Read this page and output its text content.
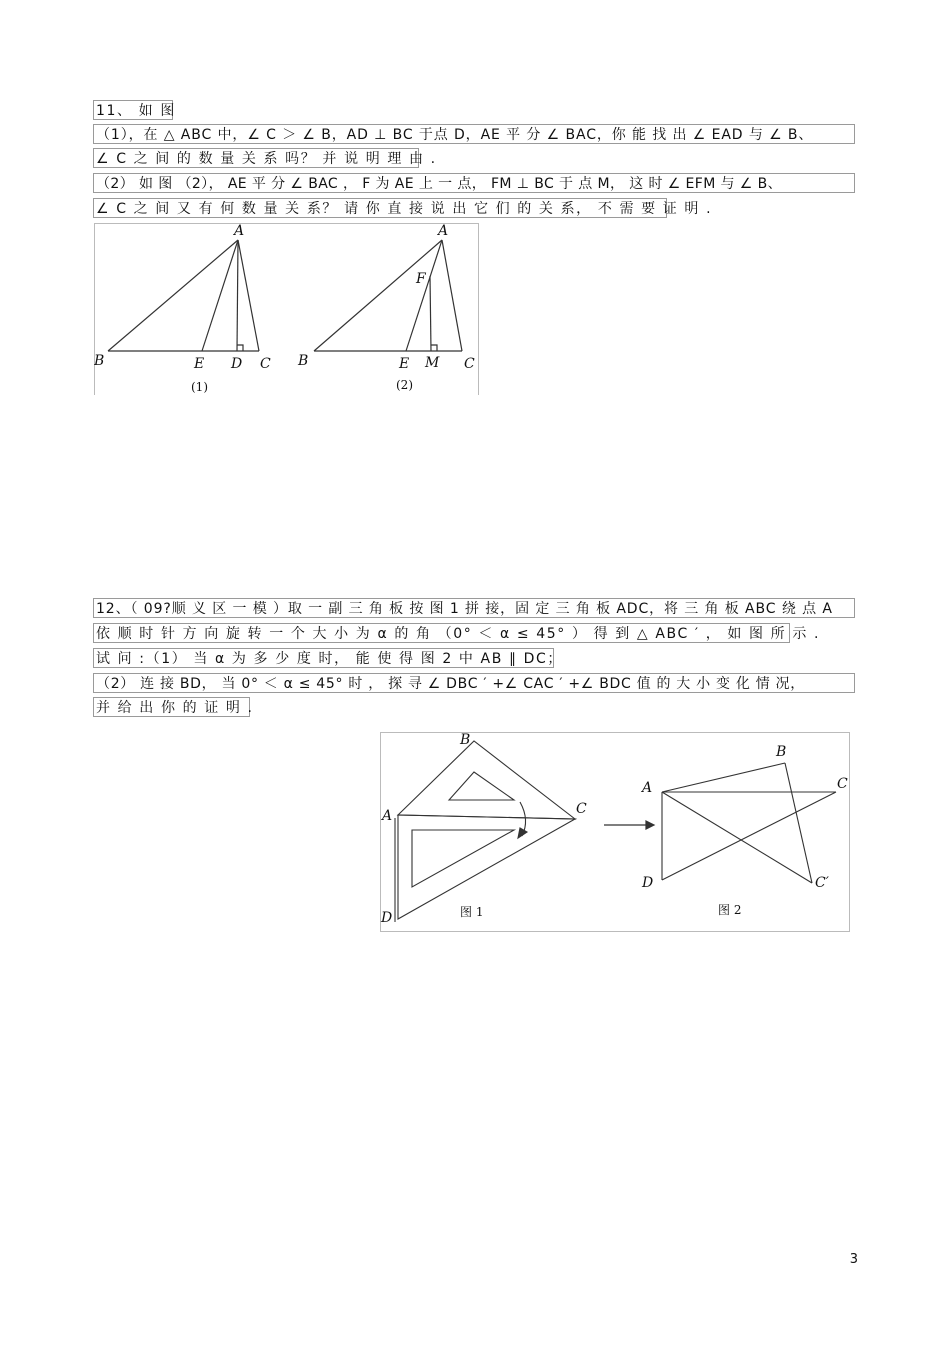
11、 如 图
（1），在 △ ABC 中，∠ C ＞ ∠ B，AD ⊥ BC 于点 D，AE 平 分 ∠ BAC，你 能 找 出 ∠ EAD 与 ∠ B、
∠ C 之 间 的 数 量 关 系 吗？ 并 说 明 理 由 .
（2） 如 图 （2）， AE 平 分 ∠ BAC ， F 为 AE 上 一 点， FM ⊥ BC 于 点 M， 这 时 ∠ EFM 与 ∠ B、
∠ C 之 间 又 有 何 数 量 关 系？ 请 你 直 接 说 出 它 们 的 关 系， 不 需 要 证 明 .
A
B	E D C
(1)
A
F
B	E M C
(2)
12、（ 09?顺 义 区 一 模 ）取 一 副 三 角 板 按 图 1 拼 接，固 定 三 角 板 ADC，将 三 角 板 ABC 绕 点 A
依 顺 时 针 方 向 旋 转 一 个 大 小 为 α 的 角 （0° ＜ α ≤ 45° ） 得 到 △ ABC ′ ， 如 图 所 示 .
试 问 :（1） 当 α 为 多 少 度 时， 能 使 得 图 2 中 AB ∥ DC；
（2） 连 接 BD， 当 0° ＜ α ≤ 45° 时 ， 探 寻 ∠ DBC ′ +∠ CAC ′ +∠ BDC 值 的 大 小 变 化 情 况，
并 给 出 你 的 证 明 .
B
A	C
D	图 1
A
B
C
D	C′
图 2
3
